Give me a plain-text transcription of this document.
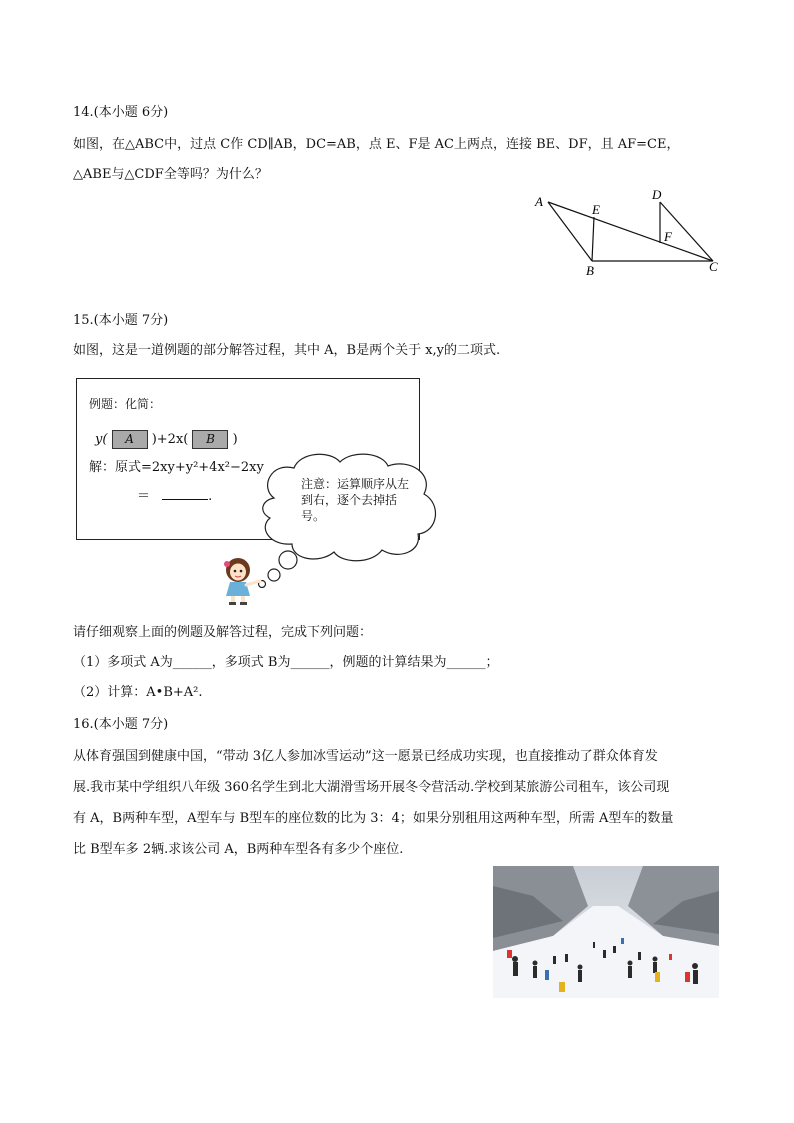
14.(本小题 6分)
如图，在△ABC中，过点 C作 CD∥AB，DC=AB，点 E、F是 AC上两点，连接 BE、DF，且 AF=CE，
△ABE与△CDF全等吗？为什么？
A
B	C
D
E
F
15.(本小题 7分)
如图，这是一道例题的部分解答过程，其中 A，B是两个关于 x,y的二项式.
例题：化简：
y( A )+2x( B )
解：原式=2xy+y²+4x²−2xy
＝	.
注意：运算顺序从左到右，逐个去掉括号。
请仔细观察上面的例题及解答过程，完成下列问题：
（1）多项式 A为______，多项式 B为______，例题的计算结果为______；
（2）计算：A•B+A².
16.(本小题 7分)
从体育强国到健康中国，“带动 3亿人参加冰雪运动”这一愿景已经成功实现，也直接推动了群众体育发
展.我市某中学组织八年级 360名学生到北大湖滑雪场开展冬令营活动.学校到某旅游公司租车，该公司现
有 A，B两种车型，A型车与 B型车的座位数的比为 3：4；如果分别租用这两种车型，所需 A型车的数量
比 B型车多 2辆.求该公司 A，B两种车型各有多少个座位.
